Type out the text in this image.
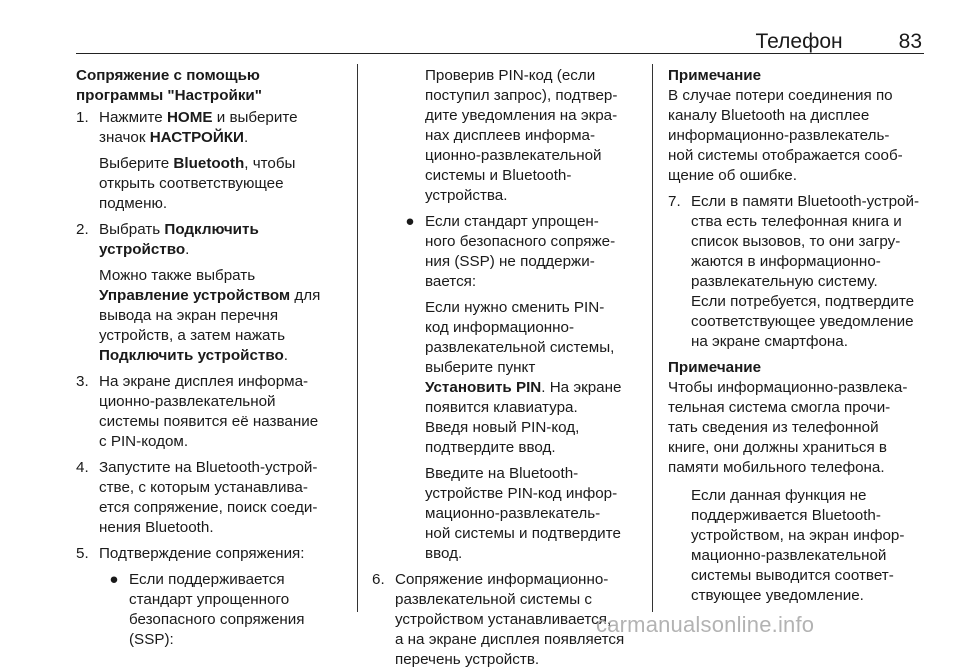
Телефон	83

Сопряжение с помощью

программы "Настройки"

1. Нажмите HOME и выберите

значок НАСТРОЙКИ.

Выберите Bluetooth, чтобы

открыть соответствующее

подменю.

2. Выбрать Подключить

устройство.

Можно также выбрать

Управление устройством для

вывода на экран перечня

устройств, а затем нажать

Подключить устройство.

3. На экране дисплея информа-

ционно-развлекательной

системы появится её название

с PIN-кодом.

4. Запустите на Bluetooth-устрой-

стве, с которым устанавлива-

ется сопряжение, поиск соеди-

нения Bluetooth.

5. Подтверждение сопряжения:

● Если поддерживается

стандарт упрощенного

безопасного сопряжения

(SSP):

Проверив PIN-код (если

поступил запрос), подтвер-

дите уведомления на экра-

нах дисплеев информа-

ционно-развлекательной

системы и Bluetooth-

устройства.

● Если стандарт упрощен-

ного безопасного сопряже-

ния (SSP) не поддержи-

вается:

Если нужно сменить PIN-

код информационно-

развлекательной системы,

выберите пункт

Установить PIN. На экране

появится клавиатура.

Введя новый PIN-код,

подтвердите ввод.

Введите на Bluetooth-

устройстве PIN-код инфор-

мационно-развлекатель-

ной системы и подтвердите

ввод.

6. Сопряжение информационно-

развлекательной системы с

устройством устанавливается,

а на экране дисплея появляется

перечень устройств.

Примечание

В случае потери соединения по

каналу Bluetooth на дисплее

информационно-развлекатель-

ной системы отображается сооб-

щение об ошибке.

7. Если в памяти Bluetooth-устрой-

ства есть телефонная книга и

список вызовов, то они загру-

жаются в информационно-

развлекательную систему.

Если потребуется, подтвердите

соответствующее уведомление

на экране смартфона.

Примечание

Чтобы информационно-развлека-

тельная система смогла прочи-

тать сведения из телефонной

книге, они должны храниться в

памяти мобильного телефона.

Если данная функция не

поддерживается Bluetooth-

устройством, на экран инфор-

мационно-развлекательной

системы выводится соответ-

ствующее уведомление.

carmanualsonline.info
